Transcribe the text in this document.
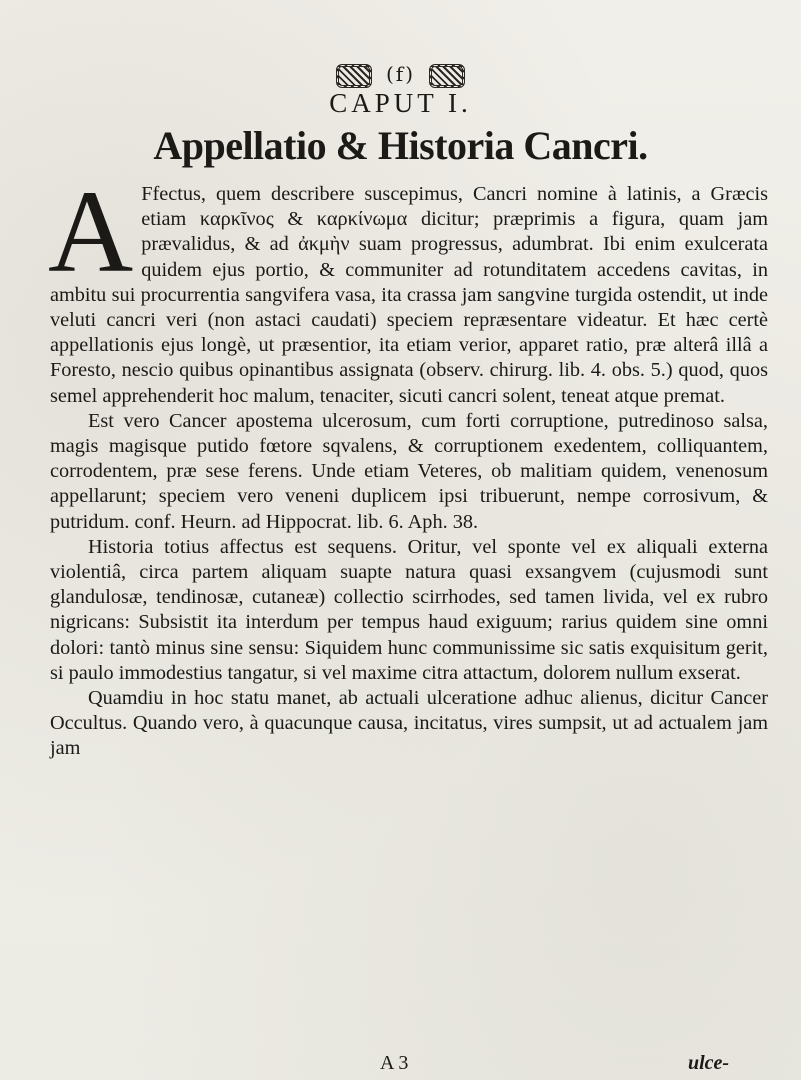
(f)
CAPUT I.
Appellatio & Historia Cancri.

A Ffectus, quem describere suscepimus, Cancri nomine à latinis, a Græcis etiam καρκῖνος & καρκίνωμα dicitur; præprimis a figura, quam jam prævalidus, & ad ἀκμὴν suam progressus, adumbrat. Ibi enim exulcerata quidem ejus portio, & communiter ad rotunditatem accedens cavitas, in ambitu sui procurrentia sangvifera vasa, ita crassa jam sangvine turgida ostendit, ut inde veluti cancri veri (non astaci caudati) speciem repræsentare videatur. Et hæc certè appellationis ejus longè, ut præsentior, ita etiam verior, apparet ratio, præ alterâ illâ a Foresto, nescio quibus opinantibus assignata (observ. chirurg. lib. 4. obs. 5.) quod, quos semel apprehenderit hoc malum, tenaciter, sicuti cancri solent, teneat atque premat.

Est vero Cancer apostema ulcerosum, cum forti corruptione, putredinoso salsa, magis magisque putido fœtore sqvalens, & corruptionem exedentem, colliquantem, corrodentem, præ sese ferens. Unde etiam Veteres, ob malitiam quidem, venenosum appellarunt; speciem vero veneni duplicem ipsi tribuerunt, nempe corrosivum, & putridum. conf. Heurn. ad Hippocrat. lib. 6. Aph. 38.

Historia totius affectus est sequens. Oritur, vel sponte vel ex aliquali externa violentiâ, circa partem aliquam suapte natura quasi exsangvem (cujusmodi sunt glandulosæ, tendinosæ, cutaneæ) collectio scirrhodes, sed tamen livida, vel ex rubro nigricans: Subsistit ita interdum per tempus haud exiguum; rarius quidem sine omni dolori: tantò minus sine sensu: Siquidem hunc communissime sic satis exquisitum gerit, si paulo immodestius tangatur, si vel maxime citra attactum, dolorem nullum exserat.

Quamdiu in hoc statu manet, ab actuali ulceratione adhuc alienus, dicitur Cancer Occultus. Quando vero, à quacunque causa, incitatus, vires sumpsit, ut ad actualem jam jam

A 3	ulce-
